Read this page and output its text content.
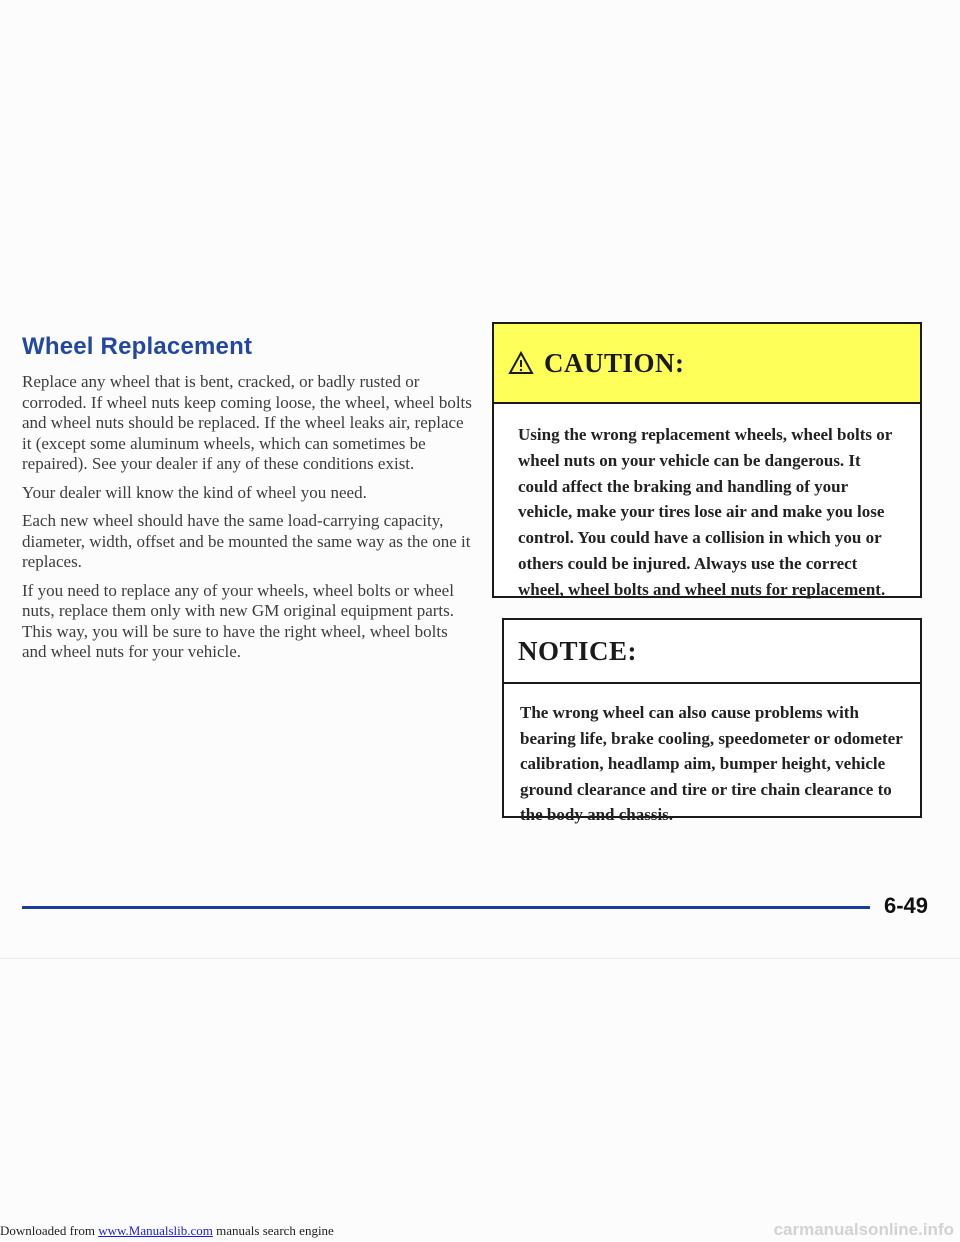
Wheel Replacement

Replace any wheel that is bent, cracked, or badly rusted or corroded. If wheel nuts keep coming loose, the wheel, wheel bolts and wheel nuts should be replaced. If the wheel leaks air, replace it (except some aluminum wheels, which can sometimes be repaired). See your dealer if any of these conditions exist.

Your dealer will know the kind of wheel you need.

Each new wheel should have the same load-carrying capacity, diameter, width, offset and be mounted the same way as the one it replaces.

If you need to replace any of your wheels, wheel bolts or wheel nuts, replace them only with new GM original equipment parts. This way, you will be sure to have the right wheel, wheel bolts and wheel nuts for your vehicle.

CAUTION:

Using the wrong replacement wheels, wheel bolts or wheel nuts on your vehicle can be dangerous. It could affect the braking and handling of your vehicle, make your tires lose air and make you lose control. You could have a collision in which you or others could be injured. Always use the correct wheel, wheel bolts and wheel nuts for replacement.

NOTICE:

The wrong wheel can also cause problems with bearing life, brake cooling, speedometer or odometer calibration, headlamp aim, bumper height, vehicle ground clearance and tire or tire chain clearance to the body and chassis.

6-49
Downloaded from www.Manualslib.com manuals search engine	carmanualsonline.info
